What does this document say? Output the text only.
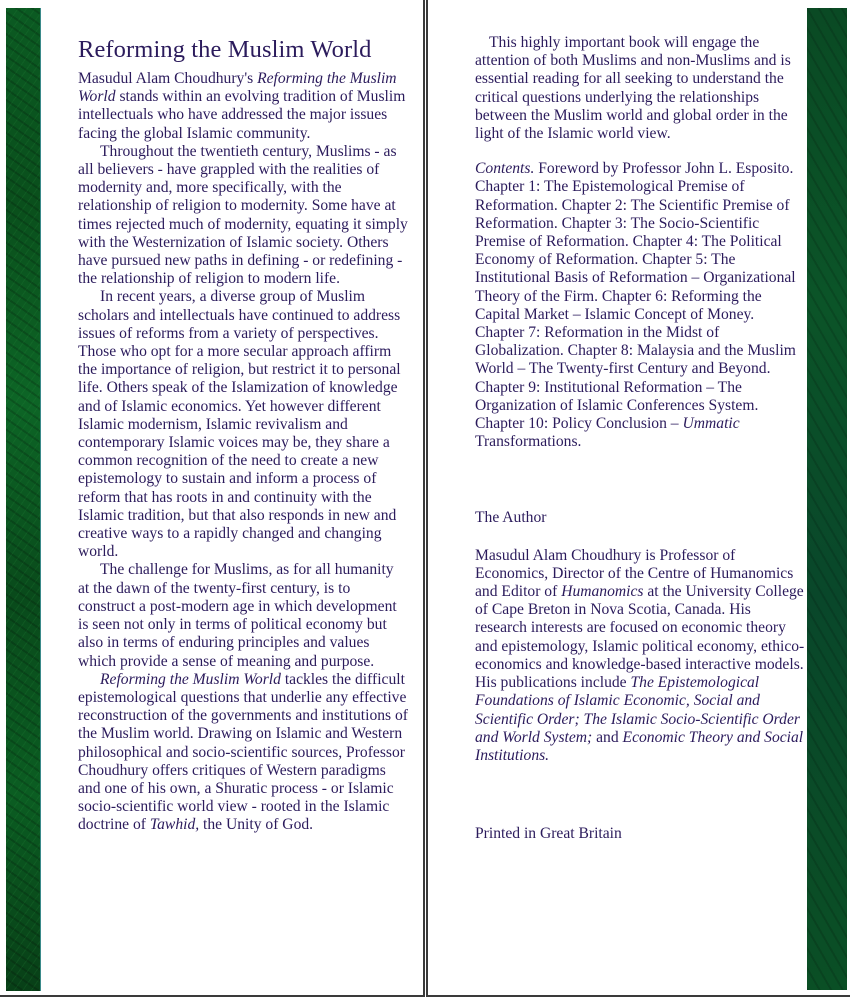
Reforming the Muslim World

Masudul Alam Choudhury's Reforming the Muslim World stands within an evolving tradition of Muslim intellectuals who have addressed the major issues facing the global Islamic community.

Throughout the twentieth century, Muslims - as all believers - have grappled with the realities of modernity and, more specifically, with the relationship of religion to modernity. Some have at times rejected much of modernity, equating it simply with the Westernization of Islamic society. Others have pursued new paths in defining - or redefining - the relationship of religion to modern life.

In recent years, a diverse group of Muslim scholars and intellectuals have continued to address issues of reforms from a variety of perspectives. Those who opt for a more secular approach affirm the importance of religion, but restrict it to personal life. Others speak of the Islamization of knowledge and of Islamic economics. Yet however different Islamic modernism, Islamic revivalism and contemporary Islamic voices may be, they share a common recognition of the need to create a new epistemology to sustain and inform a process of reform that has roots in and continuity with the Islamic tradition, but that also responds in new and creative ways to a rapidly changed and changing world.

The challenge for Muslims, as for all humanity at the dawn of the twenty-first century, is to construct a post-modern age in which development is seen not only in terms of political economy but also in terms of enduring principles and values which provide a sense of meaning and purpose.

Reforming the Muslim World tackles the difficult epistemological questions that underlie any effective reconstruction of the governments and institutions of the Muslim world. Drawing on Islamic and Western philosophical and socio-scientific sources, Professor Choudhury offers critiques of Western paradigms and one of his own, a Shuratic process - or Islamic socio-scientific world view - rooted in the Islamic doctrine of Tawhid, the Unity of God.

This highly important book will engage the attention of both Muslims and non-Muslims and is essential reading for all seeking to understand the critical questions underlying the relationships between the Muslim world and global order in the light of the Islamic world view.

Contents. Foreword by Professor John L. Esposito. Chapter 1: The Epistemological Premise of Reformation. Chapter 2: The Scientific Premise of Reformation. Chapter 3: The Socio-Scientific Premise of Reformation. Chapter 4: The Political Economy of Reformation. Chapter 5: The Institutional Basis of Reformation – Organizational Theory of the Firm. Chapter 6: Reforming the Capital Market – Islamic Concept of Money. Chapter 7: Reformation in the Midst of Globalization. Chapter 8: Malaysia and the Muslim World – The Twenty-first Century and Beyond. Chapter 9: Institutional Reformation – The Organization of Islamic Conferences System. Chapter 10: Policy Conclusion – Ummatic Transformations.

The Author

Masudul Alam Choudhury is Professor of Economics, Director of the Centre of Humanomics and Editor of Humanomics at the University College of Cape Breton in Nova Scotia, Canada. His research interests are focused on economic theory and epistemology, Islamic political economy, ethico-economics and knowledge-based interactive models. His publications include The Epistemological Foundations of Islamic Economic, Social and Scientific Order; The Islamic Socio-Scientific Order and World System; and Economic Theory and Social Institutions.

Printed in Great Britain
